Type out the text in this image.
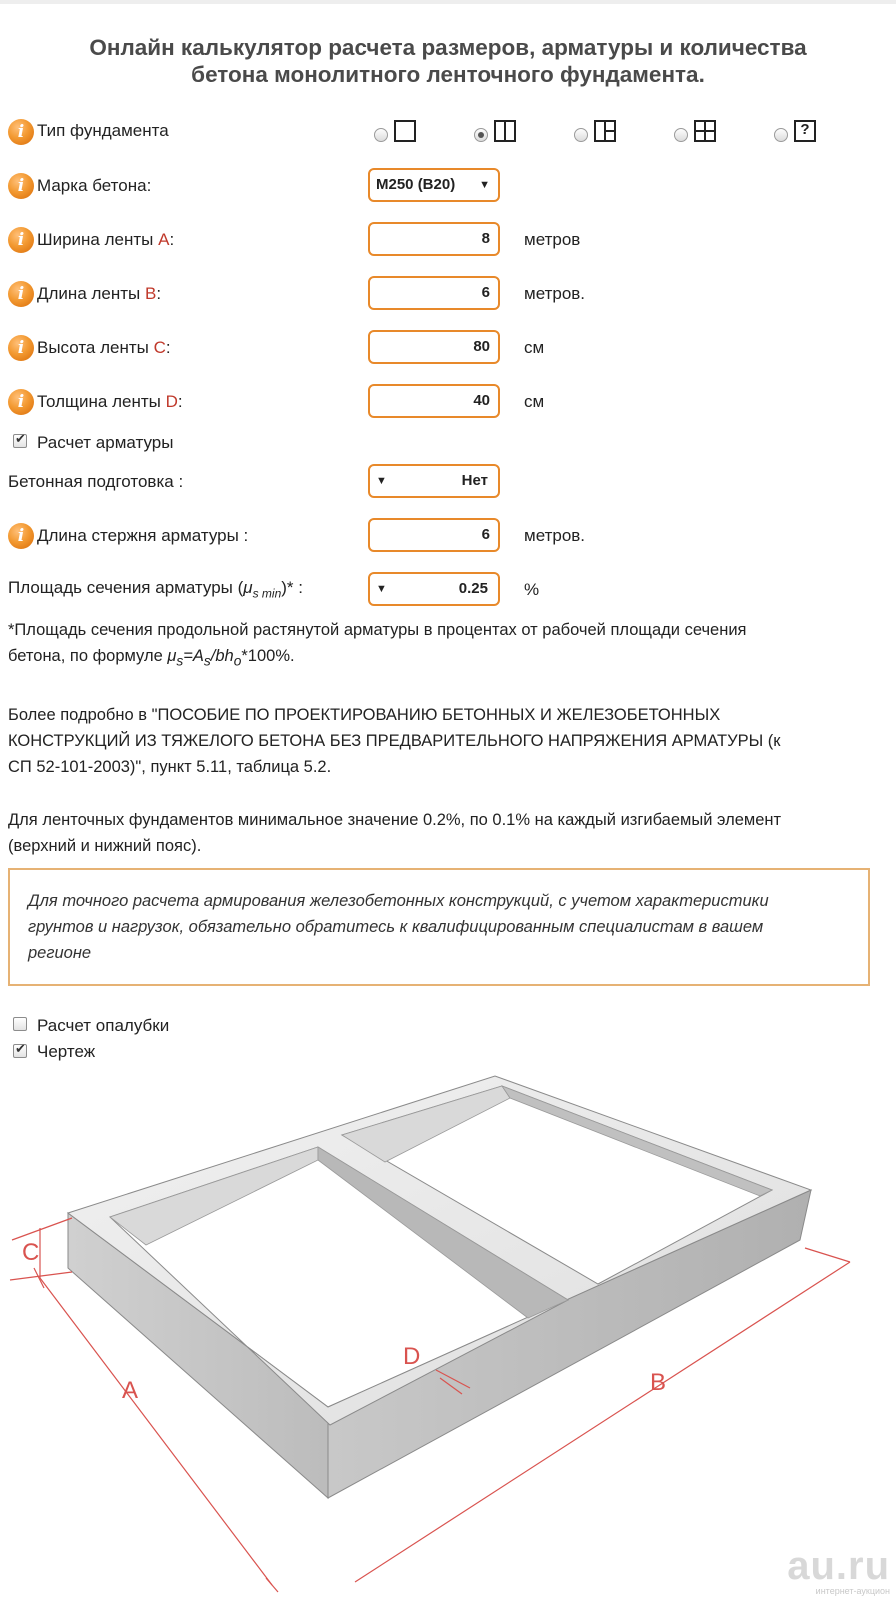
Онлайн калькулятор расчета размеров, арматуры и количества
бетона монолитного ленточного фундамента.
i Тип фундамента	?
i Марка бетона:	М250 (В20) ▼
i Ширина ленты A:	8	метров
i Длина ленты B:	6	метров.
i Высота ленты C:	80	см
i Толщина ленты D:	40	см
✔
Расчет арматуры
Бетонная подготовка :	▼	Нет
i Длина стержня арматуры :	6	метров.
Площадь сечения арматуры $(\mu_{s min})*$ :	▼	0.25 %
*Площадь сечения продольной растянутой арматуры в процентах от рабочей площади сечения
бетона, по формуле $\mu_s=A_s/bh_o*100\%$.
Более подробно в "ПОСОБИЕ ПО ПРОЕКТИРОВАНИЮ БЕТОННЫХ И ЖЕЛЕЗОБЕТОННЫХ
КОНСТРУКЦИЙ ИЗ ТЯЖЕЛОГО БЕТОНА БЕЗ ПРЕДВАРИТЕЛЬНОГО НАПРЯЖЕНИЯ АРМАТУРЫ (к
СП 52-101-2003)", пункт 5.11, таблица 5.2.
Для ленточных фундаментов минимальное значение 0.2%, по 0.1% на каждый изгибаемый элемент
(верхний и нижний пояс).
Для точного расчета армирования железобетонных конструкций, с учетом характеристики
грунтов и нагрузок, обязательно обратитесь к квалифицированным специалистам в вашем
регионе
Расчет опалубки
✔
Чертеж
C
A	B
D
au.ru
интернет-аукцион
